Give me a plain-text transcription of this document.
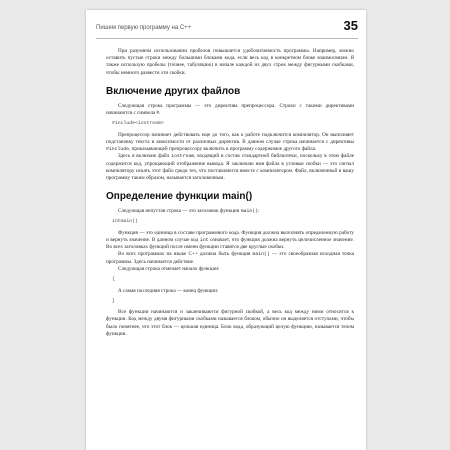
Пишем первую программу на C++	35

При разумном использовании пробелов повышается удобочитаемость программы. Например, можно оставить пустые строки между большими блоками кода, если весь код в конкретном блоке взаимосвязан. Я также использую пробелы (точнее, табуляцию) в начале каждой из двух строк между фигурными скобками, чтобы немного развести эти скобки.

Включение других файлов

Следующая строка программы — это директива препроцессора. Строки с такими директивами начинаются с символа #.

#include<iostream>

Препроцессор начинает действовать еще до того, как к работе подключится компилятор. Он выполняет подстановку текста в зависимости от различных директив. В данном случае строка начинается с директивы #include, приказывающей препроцессору включить в программу содержимое другого файла.

Здесь я включаю файл iostream, входящий в состав стандартной библиотеки, поскольку в этом файле содержится код, упрощающий отображение вывода. Я заключаю имя файла в угловые скобки — это сигнал компилятору искать этот файл среди тех, что поставляются вместе с компилятором. Файл, включенный в вашу программу таким образом, называется заголовочным.

Определение функции main()

Следующая непустая строка — это заголовок функции main():

intmain()

Функция — это единица в составе программного кода. Функция должна выполнять определенную работу и вернуть значение. В данном случае код int означает, что функция должна вернуть целочисленное значение. Во всех заголовках функций после имени функции ставятся две круглые скобки.

Во всех программах на языке C++ должна быть функция main() — это своеобразная исходная точка программы. Здесь начинается действие.

Следующая строка отмечает начало функции:

{

А самая последняя строка — конец функции:

}

Все функции начинаются и заканчиваются фигурной скобкой, а весь код между ними относится к функции. Код между двумя фигурными скобками называется блоком, обычно он выделяется отступами, чтобы было понятнее, что этот блок — цельная единица. Блок кода, образующий целую функцию, называется телом функции.
